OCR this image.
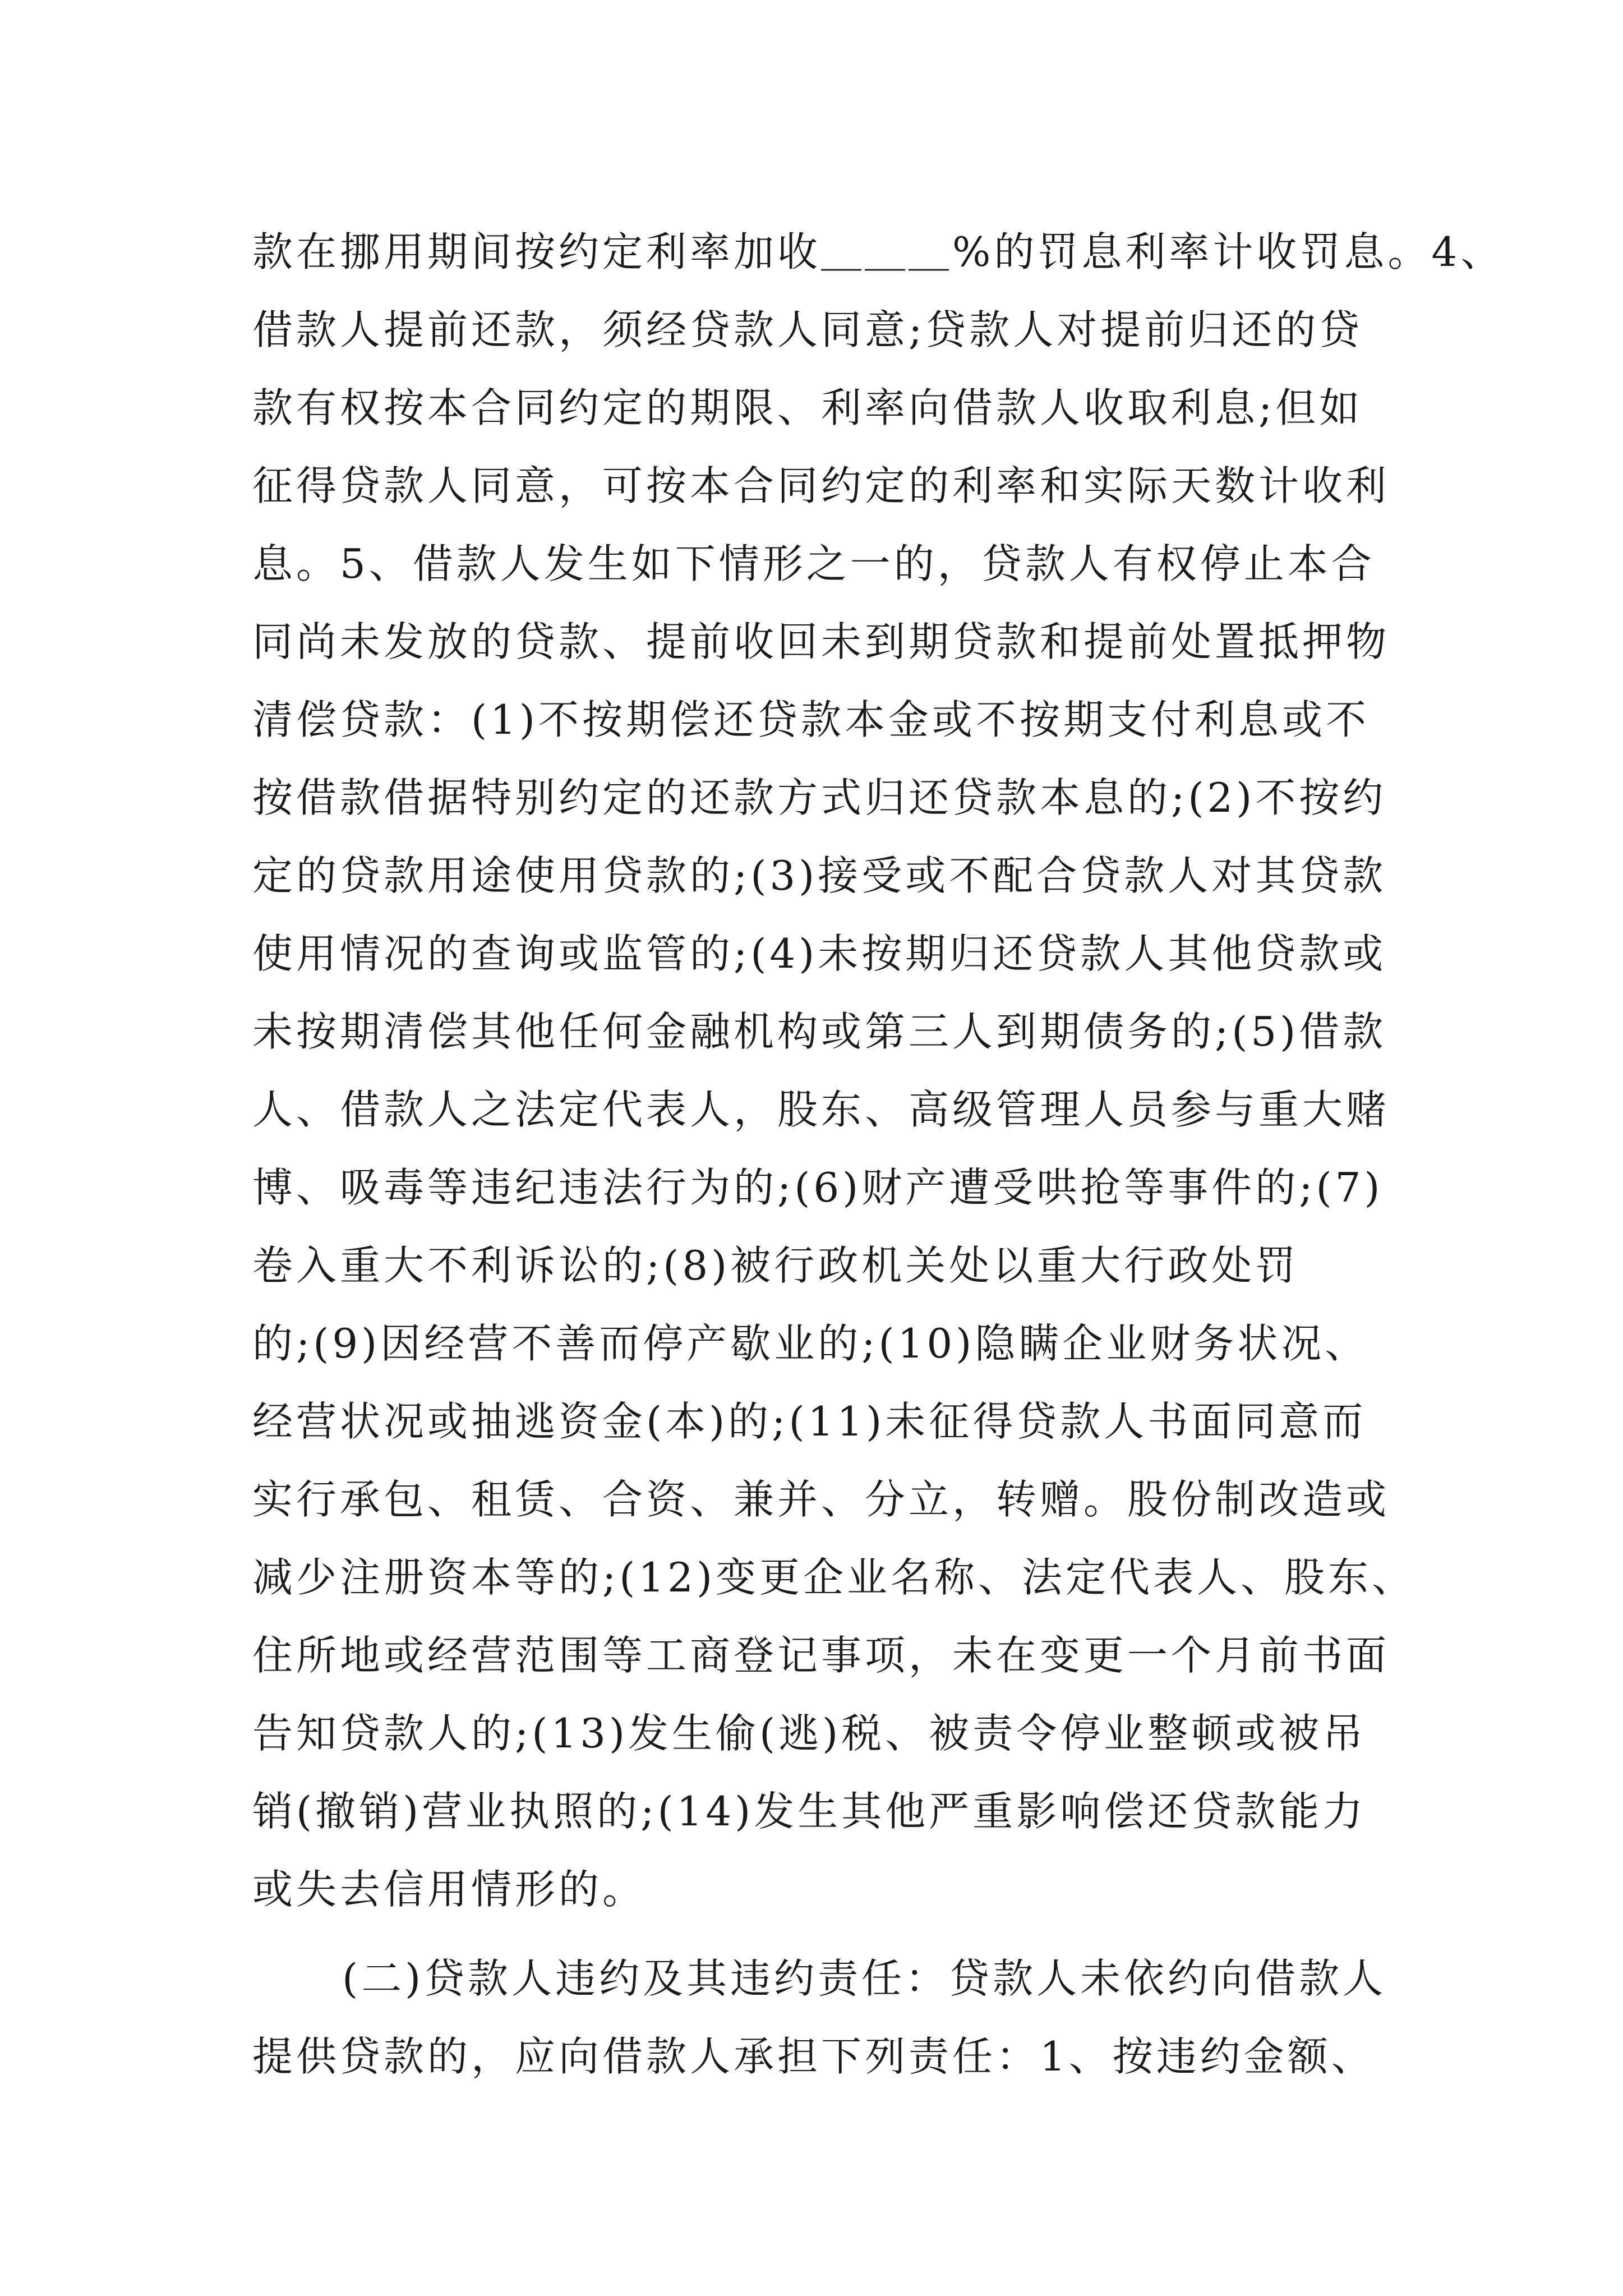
款在挪用期间按约定利率加收＿＿＿%的罚息利率计收罚息。4、
借款人提前还款，须经贷款人同意;贷款人对提前归还的贷
款有权按本合同约定的期限、利率向借款人收取利息;但如
征得贷款人同意，可按本合同约定的利率和实际天数计收利
息。5、借款人发生如下情形之一的，贷款人有权停止本合
同尚未发放的贷款、提前收回未到期贷款和提前处置抵押物
清偿贷款：(1)不按期偿还贷款本金或不按期支付利息或不
按借款借据特别约定的还款方式归还贷款本息的;(2)不按约
定的贷款用途使用贷款的;(3)接受或不配合贷款人对其贷款
使用情况的查询或监管的;(4)未按期归还贷款人其他贷款或
未按期清偿其他任何金融机构或第三人到期债务的;(5)借款
人、借款人之法定代表人，股东、高级管理人员参与重大赌
博、吸毒等违纪违法行为的;(6)财产遭受哄抢等事件的;(7)
卷入重大不利诉讼的;(8)被行政机关处以重大行政处罚
的;(9)因经营不善而停产歇业的;(10)隐瞒企业财务状况、
经营状况或抽逃资金(本)的;(11)未征得贷款人书面同意而
实行承包、租赁、合资、兼并、分立，转赠。股份制改造或
减少注册资本等的;(12)变更企业名称、法定代表人、股东、
住所地或经营范围等工商登记事项，未在变更一个月前书面
告知贷款人的;(13)发生偷(逃)税、被责令停业整顿或被吊
销(撤销)营业执照的;(14)发生其他严重影响偿还贷款能力
或失去信用情形的。
(二)贷款人违约及其违约责任：贷款人未依约向借款人
提供贷款的，应向借款人承担下列责任：1、按违约金额、
